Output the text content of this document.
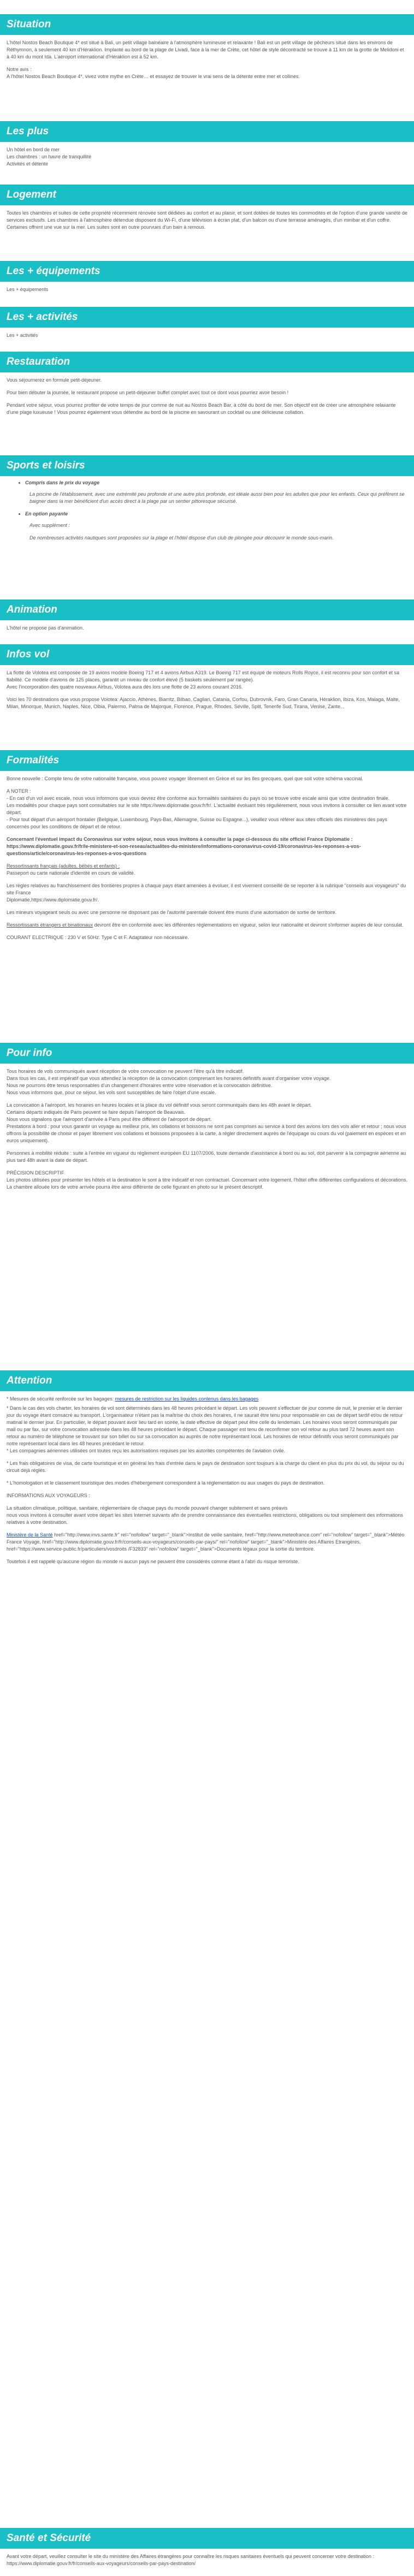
Situation

L'hôtel Nostos Beach Boutique 4* est situé à Bali, un petit village balnéaire à l'atmosphère lumineuse et relaxante ! Bali est un petit village de pêcheurs situé dans les environs de Réthymnon, à seulement 40 km d'Héraklion. Implanté au bord de la plage de Livadi, face à la mer de Crète, cet hôtel de style décontracté se trouve à 11 km de la grotte de Melidoni et à 40 km du mont Ida. L'aéroport international d'Héraklion est à 52 km.

Notre avis :
A l'hôtel Nostos Beach Boutique 4*, vivez votre mythe en Crète… et essayez de trouver le vrai sens de la détente entre mer et collines.
Les plus
Un hôtel en bord de mer
Les chambres : un havre de tranquillité
Activités et détente
Logement

Toutes les chambres et suites de cette propriété récemment rénovée sont dédiées au confort et au plaisir, et sont dotées de toutes les commodités et de l'option d'une grande variété de services exclusifs. Les chambres à l'atmosphère détendue disposent du Wi-Fi, d'une télévision à écran plat, d'un balcon ou d'une terrasse aménagés, d'un minibar et d'un coffre. Certaines offrent une vue sur la mer. Les suites sont en outre pourvues d'un bain à remous.

Les + équipements
Les + équipements
Les + activités
Les + activités
Restauration

Vous séjournerez en formule petit-déjeuner.

Pour bien débuter la journée, le restaurant propose un petit-déjeuner buffet complet avec tout ce dont vous pourriez avoir besoin !

Pendant votre séjour, vous pourrez profiter de votre temps de jour comme de nuit au Nostos Beach Bar, à côté du bord de mer. Son objectif est de créer une atmosphère relaxante d'une plage luxueuse ! Vous pourrez également vous détendre au bord de la piscine en savourant un cocktail ou une délicieuse collation.

Sports et loisirs
• Compris dans le prix du voyage

La piscine de l'établissement, avec une extrémité peu profonde et une autre plus profonde, est idéale aussi bien pour les adultes que pour les enfants. Ceux qui préfèrent se baigner dans la mer bénéficient d'un accès direct à la plage par un sentier pittoresque sécurisé.

• En option payante

Avec supplément :

De nombreuses activités nautiques sont proposées sur la plage et l'hôtel dispose d'un club de plongée pour découvrir le monde sous-marin.

Animation
L'hôtel ne propose pas d'animation.
Infos vol

La flotte de Volotea est composée de 19 avions modèle Boeing 717 et 4 avions Airbus A319. Le Boeing 717 est équipé de moteurs Rolls Royce, il est reconnu pour son confort et sa fiabilité. Ce modèle d'avions de 125 places, garantit un niveau de confort élevé (5 baskets seulement par rangée).

Avec l'incorporation des quatre nouveaux Airbus, Volotea aura dès lors une flotte de 23 avions courant 2016.

Voici les 70 destinations que vous propose Volotea: Ajaccio, Athènes, Biarritz, Bilbao, Cagliari, Catania, Corfou, Dubrovnik, Faro, Gran Canaria, Héraklion, Ibiza, Kos, Malaga, Malte, Milan, Minorque, Munich, Naples, Nice, Olbia, Palermo, Palma de Majorque, Florence, Prague, Rhodes, Séville, Split, Tenerife Sud, Tirana, Venise, Zante...

Formalités

Bonne nouvelle : Compte tenu de votre nationalité française, vous pouvez voyager librement en Grèce et sur les îles grecques, quel que soit votre schéma vaccinal.

A NOTER :
- En cas d'un vol avec escale, nous vous informons que vous devrez être conforme aux formalités sanitaires du pays où se trouve votre escale ainsi que votre destination finale.
Les modalités pour chaque pays sont consultables sur le site https://www.diplomatie.gouv.fr/fr/. L'actualité évoluant très régulièrement, nous vous invitons à consulter ce lien avant votre départ.

- Pour tout départ d'un aéroport frontalier (Belgique, Luxembourg, Pays-Bas, Allemagne, Suisse ou Espagne...), veuillez vous référer aux sites officiels des ministères des pays concernés pour les conditions de départ et de retour.

Concernant l'éventuel impact du Coronavirus sur votre séjour, nous vous invitons à consulter la page ci-dessous du site officiel France Diplomatie :

https://www.diplomatie.gouv.fr/fr/le-ministere-et-son-reseau/actualites-du-ministere/informations-coronavirus-covid-19/coronavirus-les-reponses-a-vos-questions/article/coronavirus-les-reponses-a-vos-questions

Ressortissants français (adultes, bébés et enfants) :

Passeport ou carte nationale d'identité en cours de validité.

Les règles relatives au franchissement des frontières propres à chaque pays étant amenées à évoluer, il est vivement conseillé de se reporter à la rubrique "conseils aux voyageurs" du site France

Diplomatie,https://www.diplomatie.gouv.fr/.

Les mineurs voyageant seuls ou avec une personne ne disposant pas de l'autorité parentale doivent être munis d'une autorisation de sortie de territoire.

Ressortissants étrangers et binationaux devront être en conformité avec les différentes réglementations en vigueur, selon leur nationalité et devront s'informer auprès de leur consulat.

COURANT ELECTRIQUE : 230 V et 50Hz. Type C et F. Adaptateur non nécessaire.

Pour info
Tous horaires de vols communiqués avant réception de votre convocation ne peuvent l'être qu'à titre indicatif.
Dans tous les cas, il est impératif que vous attendiez la réception de la convocation comprenant les horaires définitifs avant d'organiser votre voyage.
Nous ne pourrons être tenus responsables d'un changement d'horaires entre votre réservation et la convocation définitive.

Nous vous informons que, pour ce séjour, les vols sont susceptibles de faire l'objet d'une escale.

La convocation à l'aéroport, les horaires en heures locales et la place du vol définitif vous seront communiqués dans les 48h avant le départ.
Certains départs indiqués de Paris peuvent se faire depuis l'aéroport de Beauvais.
Nous vous signalons que l'aéroport d'arrivée à Paris peut être différent de l'aéroport de départ.

Prestations à bord : pour vous garantir un voyage au meilleur prix, les collations et boissons ne sont pas comprises au service à bord des avions lors des vols aller et retour ; nous vous offrons la possibilité de choisir et payer librement vos collations et boissons proposées à la carte, à régler directement auprès de l'équipage ou cours du vol (paiement en espèces et en euros uniquement).

Personnes à mobilité réduite : suite à l'entrée en vigueur du règlement européen EU 1107/2006, toute demande d'assistance à bord ou au sol, doit parvenir à la compagnie aérienne au plus tard 48h avant la date de départ.

PRÉCISION DESCRIPTIF

Les photos utilisées pour présenter les hôtels et la destination le sont à titre indicatif et non contractuel. Concernant votre logement, l'hôtel offre différentes configurations et décorations. La chambre allouée lors de votre arrivée pourra être ainsi différente de celle figurant en photo sur le présent descriptif.

Attention

* Mesures de sécurité renforcée sur les bagages: mesures de restriction sur les liquides contenus dans les bagages

* Dans le cas des vols charter, les horaires de vol sont déterminés dans les 48 heures précédant le départ. Les vols peuvent s'effectuer de jour comme de nuit, le premier et le dernier jour du voyage étant consacré au transport. L'organisateur n'étant pas la maîtrise du choix des horaires, il ne saurait être tenu pour responsable en cas de départ tardif et/ou de retour matinal le dernier jour. En particulier, le départ pouvant avoir lieu tard en soirée, la date effective de départ peut être celle du lendemain. Les horaires vous seront communiqués par mail ou par fax, sur votre convocation adressée dans les 48 heures précédant le départ. Chaque passager est tenu de reconfirmer son vol retour au plus tard 72 heures avant son retour au numéro de téléphone se trouvant sur son billet ou sur sa convocation au auprès de notre représentant local. Les horaires de retour définitifs vous seront communiqués par notre représentant local dans les 48 heures précédant le retour.

* Les compagnies aériennes utilisées ont toutes reçu les autorisations requises par les autorités compétentes de l'aviation civile.

* Les frais obligatoires de visa, de carte touristique et en général les frais d'entrée dans le pays de destination sont toujours à la charge du client en plus du prix du vol, du séjour ou du circuit déjà réglés.

* L'homologation et le classement touristique des modes d'hébergement correspondent à la réglementation ou aux usages du pays de destination.

INFORMATIONS AUX VOYAGEURS :

La situation climatique, politique, sanitaire, réglementaire de chaque pays du monde pouvant changer subitement et sans préavis

nous vous invitons à consulter avant votre départ les sites Internet suivants afin de prendre connaissance des éventuelles restrictions, obligations ou tout simplement des informations relatives à votre destination.

Ministère de la Santé href="http://www.invs.sante.fr" rel="nofollow" target="_blank">Institut de veille sanitaire, href="http://www.meteofrance.com" rel="nofollow" target="_blank">Météo France Voyage, href="http://www.diplomatie.gouv.fr/fr/conseils-aux-voyageurs/conseils-par-pays/" rel="nofollow" target="_blank">Ministère des Affaires Etrangères, href="https://www.service-public.fr/particuliers/vosdroits /F32833" rel="nofollow" target="_blank">Documents légaux pour la sortie du territoire.

Toutefois il est rappelé qu'aucune région du monde ni aucun pays ne peuvent être considérés comme étant à l'abri du risque terroriste.

Santé et Sécurité

Avant votre départ, veuillez consulter le site du ministère des Affaires étrangères pour connaître les risques sanitaires éventuels qui peuvent concerner votre destination : https://www.diplomatie.gouv.fr/fr/conseils-aux-voyageurs/conseils-par-pays-destination/
